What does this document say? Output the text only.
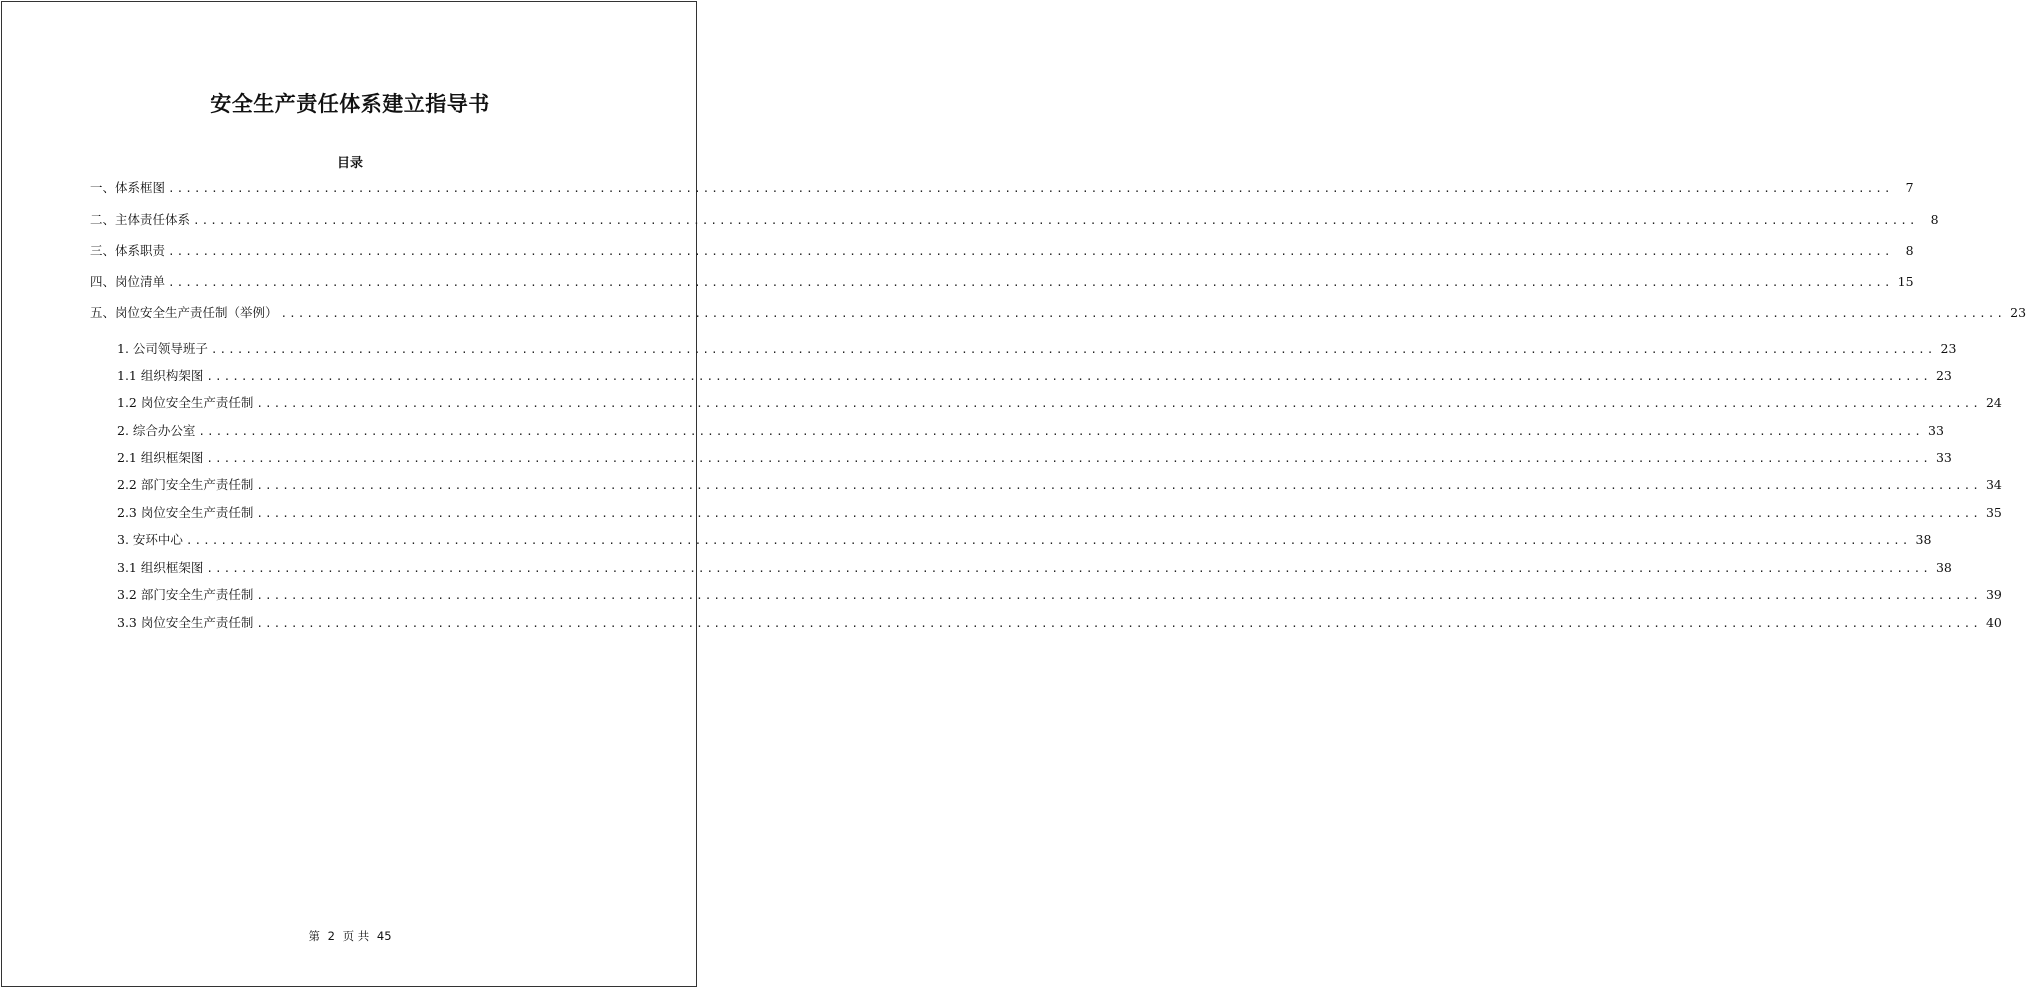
安全生产责任体系建立指导书
目录
一、体系框图 ........................................................................................................................................................................................................	7
二、主体责任体系 ........................................................................................................................................................................................................	8
三、体系职责 ........................................................................................................................................................................................................	8
四、岗位清单 ........................................................................................................................................................................................................ 15
五、岗位安全生产责任制（举例） ........................................................................................................................................................................................................ 23
1. 公司领导班子 ........................................................................................................................................................................................................ 23
1.1 组织构架图 ........................................................................................................................................................................................................ 23
1.2 岗位安全生产责任制 ........................................................................................................................................................................................................ 24
2. 综合办公室 ........................................................................................................................................................................................................ 33
2.1 组织框架图 ........................................................................................................................................................................................................ 33
2.2 部门安全生产责任制 ........................................................................................................................................................................................................ 34
2.3 岗位安全生产责任制 ........................................................................................................................................................................................................ 35
3. 安环中心 ........................................................................................................................................................................................................ 38
3.1 组织框架图 ........................................................................................................................................................................................................ 38
3.2 部门安全生产责任制 ........................................................................................................................................................................................................ 39
3.3 岗位安全生产责任制 ........................................................................................................................................................................................................ 40
第 2 页 共 45
